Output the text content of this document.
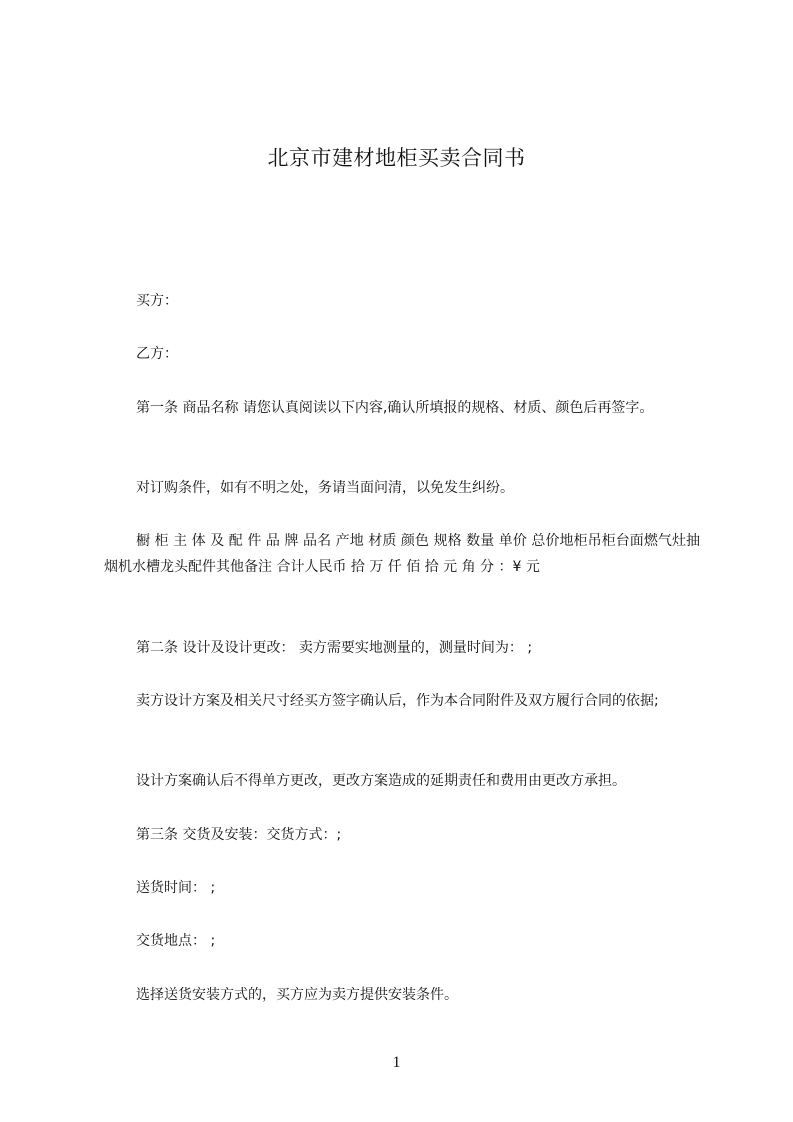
北京市建材地柜买卖合同书
买方：
乙方：
第一条 商品名称 请您认真阅读以下内容,确认所填报的规格、材质、颜色后再签字。
对订购条件，如有不明之处，务请当面问清，以免发生纠纷。
橱 柜 主 体 及 配 件 品 牌 品名 产地 材质 颜色 规格 数量 单价 总价地柜吊柜台面燃气灶抽烟机水槽龙头配件其他备注 合计人民币 拾 万 仟 佰 拾 元 角 分 ：¥ 元
第二条 设计及设计更改： 卖方需要实地测量的，测量时间为： ;
卖方设计方案及相关尺寸经买方签字确认后，作为本合同附件及双方履行合同的依据;
设计方案确认后不得单方更改，更改方案造成的延期责任和费用由更改方承担。
第三条 交货及安装：交货方式：;
送货时间： ;
交货地点： ;
选择送货安装方式的，买方应为卖方提供安装条件。
1
